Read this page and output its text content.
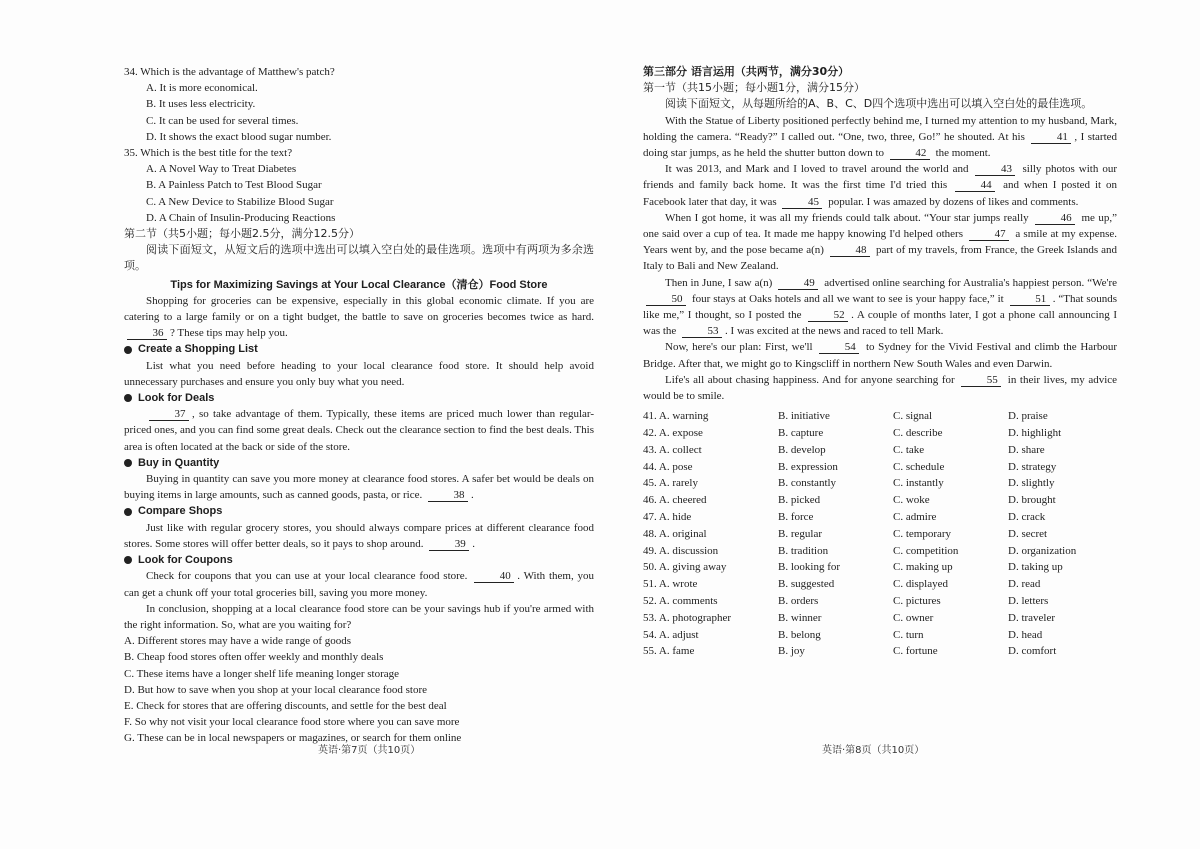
34. Which is the advantage of Matthew's patch?

A. It is more economical.

B. It uses less electricity.

C. It can be used for several times.

D. It shows the exact blood sugar number.

35. Which is the best title for the text?

A. A Novel Way to Treat Diabetes

B. A Painless Patch to Test Blood Sugar

C. A New Device to Stabilize Blood Sugar

D. A Chain of Insulin-Producing Reactions

第二节（共5小题；每小题2.5分，满分12.5分）

阅读下面短文，从短文后的选项中选出可以填入空白处的最佳选项。选项中有两项为多余选项。

Tips for Maximizing Savings at Your Local Clearance（清仓）Food Store

Shopping for groceries can be expensive, especially in this global economic climate. If you are catering to a large family or on a tight budget, the battle to save on groceries becomes twice as hard. 36 ? These tips may help you.

Create a Shopping List

List what you need before heading to your local clearance food store. It should help avoid unnecessary purchases and ensure you only buy what you need.

Look for Deals

37 , so take advantage of them. Typically, these items are priced much lower than regular-priced ones, and you can find some great deals. Check out the clearance section to find the best deals. This area is often located at the back or side of the store.

Buy in Quantity

Buying in quantity can save you more money at clearance food stores. A safer bet would be deals on buying items in large amounts, such as canned goods, pasta, or rice.	38 .

Compare Shops

Just like with regular grocery stores, you should always compare prices at different clearance food stores. Some stores will offer better deals, so it pays to shop around.	39 .

Look for Coupons

Check for coupons that you can use at your local clearance food store.	40 . With them, you can get a chunk off your total groceries bill, saving you more money.

In conclusion, shopping at a local clearance food store can be your savings hub if you're armed with the right information. So, what are you waiting for?

A. Different stores may have a wide range of goods

B. Cheap food stores often offer weekly and monthly deals

C. These items have a longer shelf life meaning longer storage

D. But how to save when you shop at your local clearance food store

E. Check for stores that are offering discounts, and settle for the best deal

F. So why not visit your local clearance food store where you can save more

G. These can be in local newspapers or magazines, or search for them online

第三部分 语言运用（共两节，满分30分）

第一节（共15小题；每小题1分，满分15分）

阅读下面短文，从每题所给的A、B、C、D四个选项中选出可以填入空白处的最佳选项。

With the Statue of Liberty positioned perfectly behind me, I turned my attention to my husband, Mark, holding the camera. “Ready?” I called out. “One, two, three, Go!” he shouted. At his	41 , I started doing star jumps, as he held the shutter button down to	42 the moment.

It was 2013, and Mark and I loved to travel around the world and	43 silly photos with our friends and family back home. It was the first time I'd tried this	44 and when I posted it on Facebook later that day, it was	45 popular. I was amazed by dozens of likes and comments.

When I got home, it was all my friends could talk about. “Your star jumps really	46 me up,” one said over a cup of tea. It made me happy knowing I'd helped others	47 a smile at my expense. Years went by, and the pose became a(n)	48 part of my travels, from France, the Greek Islands and Italy to Bali and New Zealand.

Then in June, I saw a(n)	49 advertised online searching for Australia's happiest person. “We're 50 four stays at Oaks hotels and all we want to see is your happy face,” it	51 . “That sounds like me,” I thought, so I posted the	52 . A couple of months later, I got a phone call announcing I was the	53 . I was excited at the news and raced to tell Mark.

Now, here's our plan: First, we'll	54 to Sydney for the Vivid Festival and climb the Harbour Bridge. After that, we might go to Kingscliff in northern New South Wales and even Darwin.

Life's all about chasing happiness. And for anyone searching for	55 in their lives, my advice would be to smile.

41. A. warning	B. initiative	C. signal	D. praise
42. A. expose	B. capture	C. describe	D. highlight
43. A. collect	B. develop	C. take	D. share
44. A. pose	B. expression	C. schedule	D. strategy
45. A. rarely	B. constantly	C. instantly	D. slightly
46. A. cheered	B. picked	C. woke	D. brought
47. A. hide	B. force	C. admire	D. crack
48. A. original	B. regular	C. temporary	D. secret
49. A. discussion	B. tradition	C. competition	D. organization
50. A. giving away	B. looking for	C. making up	D. taking up
51. A. wrote	B. suggested	C. displayed	D. read
52. A. comments	B. orders	C. pictures	D. letters
53. A. photographer	B. winner	C. owner	D. traveler
54. A. adjust	B. belong	C. turn	D. head
55. A. fame	B. joy	C. fortune	D. comfort
英语·第7页（共10页）	英语·第8页（共10页）
